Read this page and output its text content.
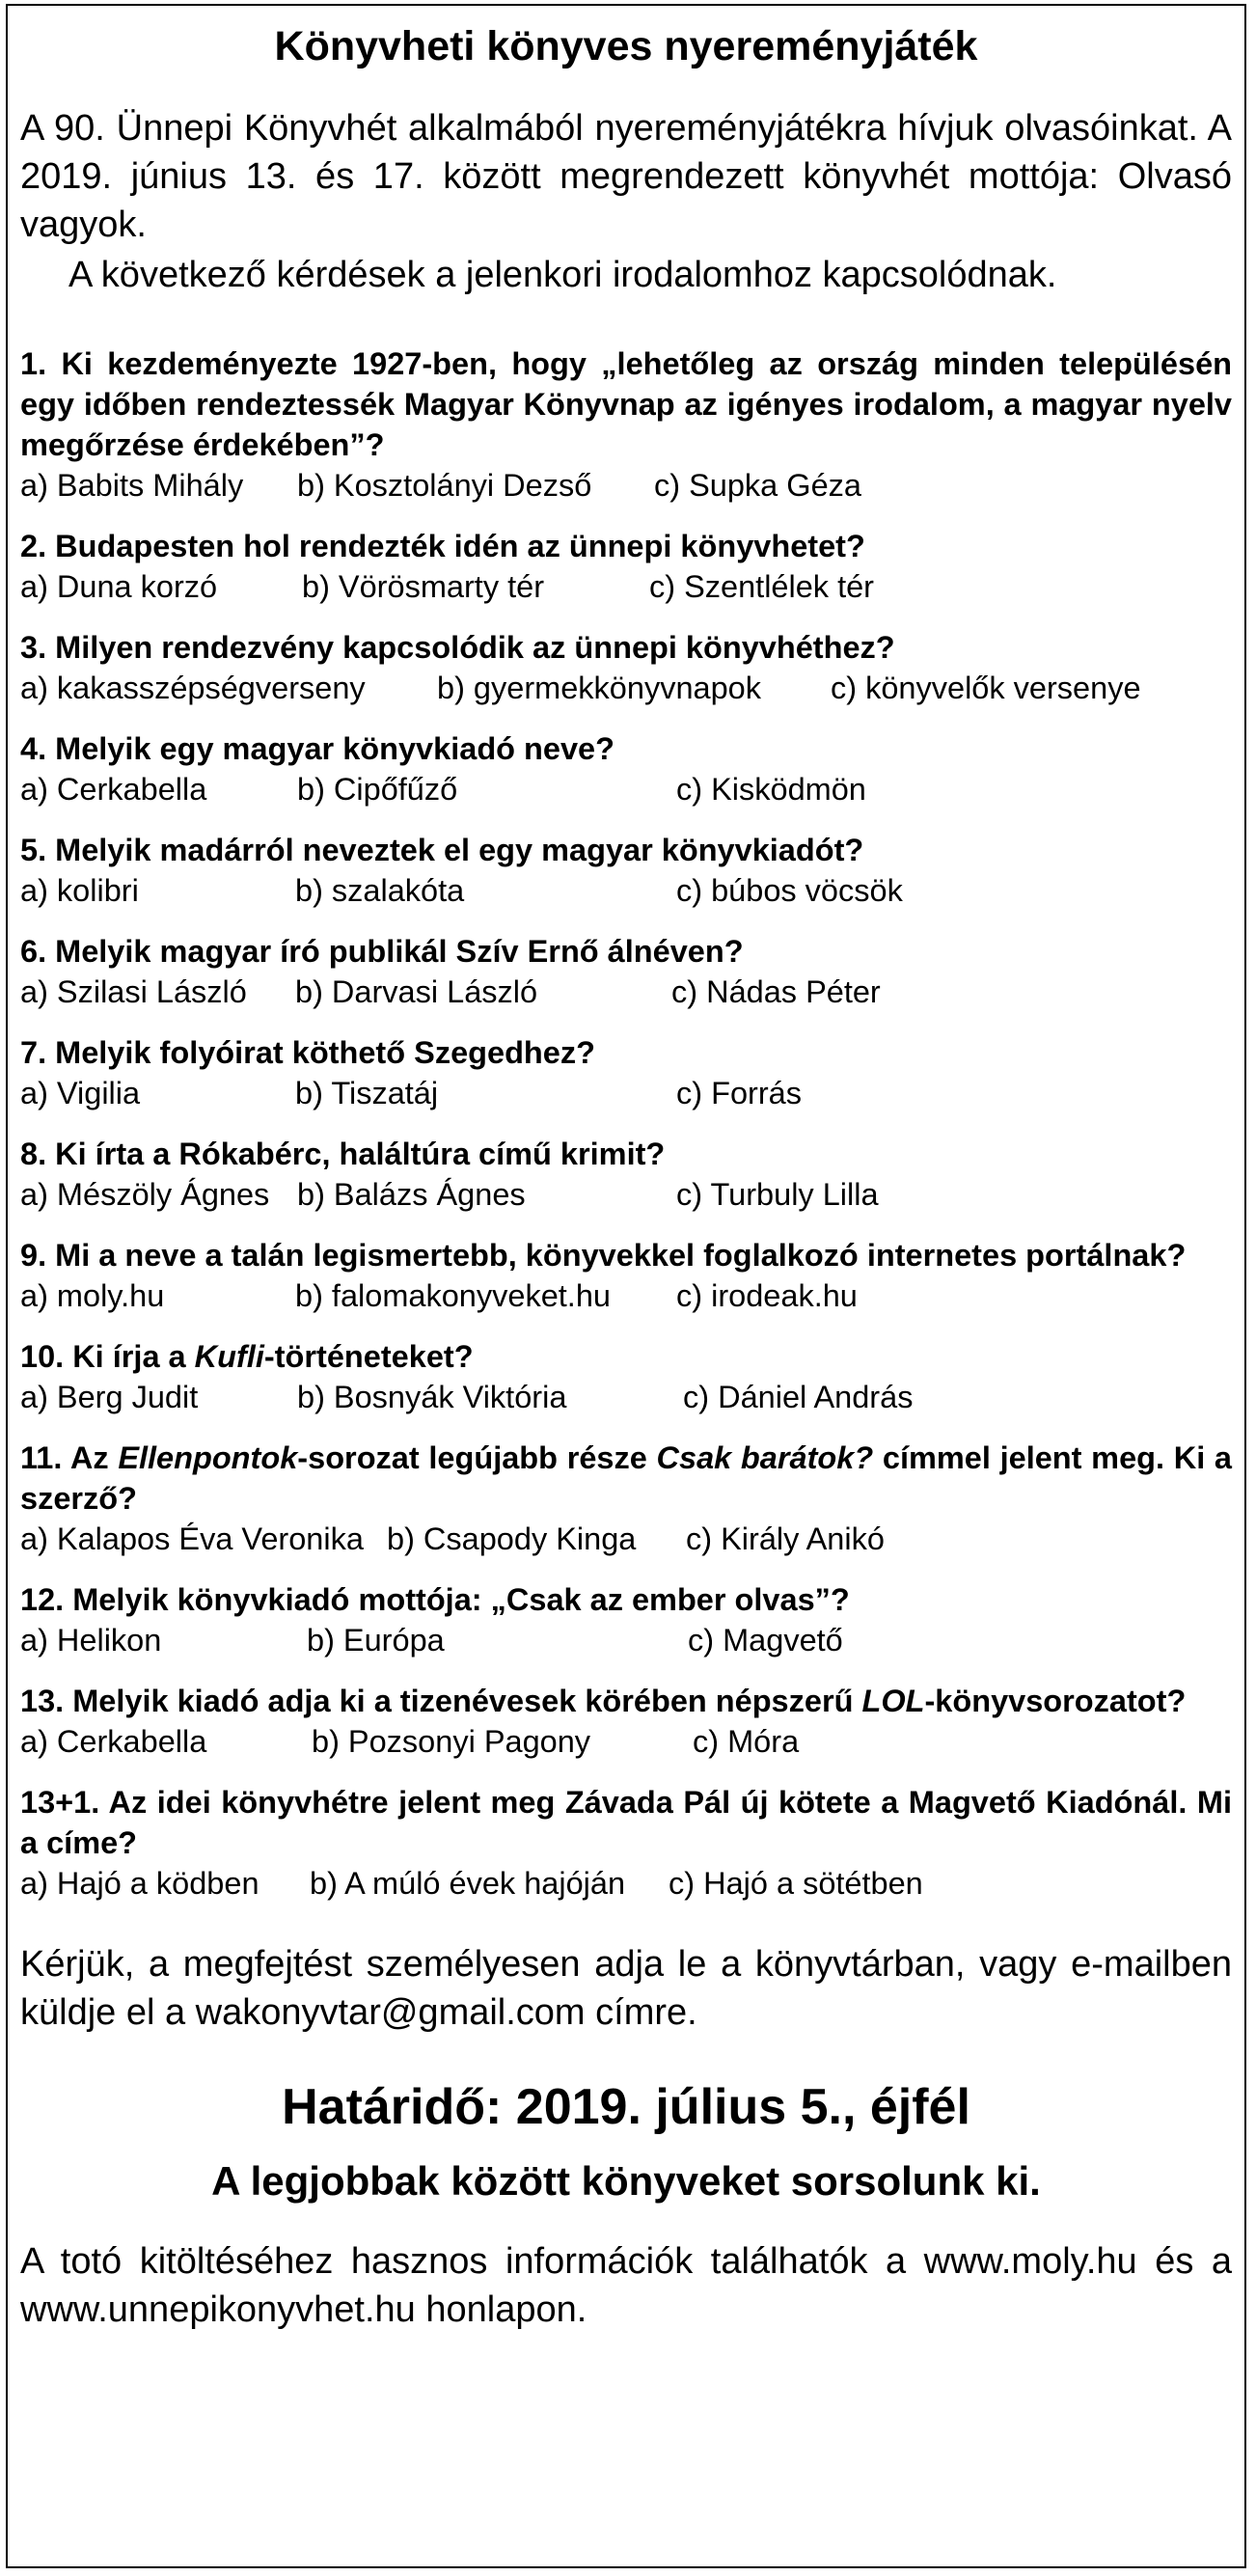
Könyvheti könyves nyereményjáték
A 90. Ünnepi Könyvhét alkalmából nyereményjátékra hívjuk olvasóinkat. A 2019. június 13. és 17. között megrendezett könyvhét mottója: Olvasó vagyok.
A következő kérdések a jelenkori irodalomhoz kapcsolódnak.
1. Ki kezdeményezte 1927-ben, hogy „lehetőleg az ország minden településén egy időben rendeztessék Magyar Könyvnap az igényes irodalom, a magyar nyelv megőrzése érdekében”?
a) Babits Mihály b) Kosztolányi Dezső c) Supka Géza
2. Budapesten hol rendezték idén az ünnepi könyvhetet?
a) Duna korzó	b) Vörösmarty tér	c) Szentlélek tér
3. Milyen rendezvény kapcsolódik az ünnepi könyvhéthez?
a) kakasszépségverseny b) gyermekkönyvnapok c) könyvelők versenye
4. Melyik egy magyar könyvkiadó neve?
a) Cerkabella	b) Cipőfűző	c) Kisködmön
5. Melyik madárról neveztek el egy magyar könyvkiadót?
a) kolibri	b) szalakóta	c) búbos vöcsök
6. Melyik magyar író publikál Szív Ernő álnéven?
a) Szilasi László b) Darvasi László	c) Nádas Péter
7. Melyik folyóirat köthető Szegedhez?
a) Vigilia	b) Tiszatáj	c) Forrás
8. Ki írta a Rókabérc, haláltúra című krimit?
a) Mészöly Ágnes b) Balázs Ágnes	c) Turbuly Lilla
9. Mi a neve a talán legismertebb, könyvekkel foglalkozó internetes portálnak?
a) moly.hu	b) falomakonyveket.hu c) irodeak.hu
10. Ki írja a Kufli-történeteket?
a) Berg Judit	b) Bosnyák Viktória	c) Dániel András
11. Az Ellenpontok-sorozat legújabb része Csak barátok? címmel jelent meg. Ki a szerző?
a) Kalapos Éva Veronika b) Csapody Kinga c) Király Anikó
12. Melyik könyvkiadó mottója: „Csak az ember olvas”?
a) Helikon	b) Európa	c) Magvető
13. Melyik kiadó adja ki a tizenévesek körében népszerű LOL-könyvsorozatot?
a) Cerkabella	b) Pozsonyi Pagony	c) Móra
13+1. Az idei könyvhétre jelent meg Závada Pál új kötete a Magvető Kiadónál. Mi a címe?
a) Hajó a ködben b) A múló évek hajóján c) Hajó a sötétben
Kérjük, a megfejtést személyesen adja le a könyvtárban, vagy e-mailben küldje el a wakonyvtar@gmail.com címre.
Határidő: 2019. július 5., éjfél
A legjobbak között könyveket sorsolunk ki.
A totó kitöltéséhez hasznos információk találhatók a www.moly.hu és a www.unnepikonyvhet.hu honlapon.
